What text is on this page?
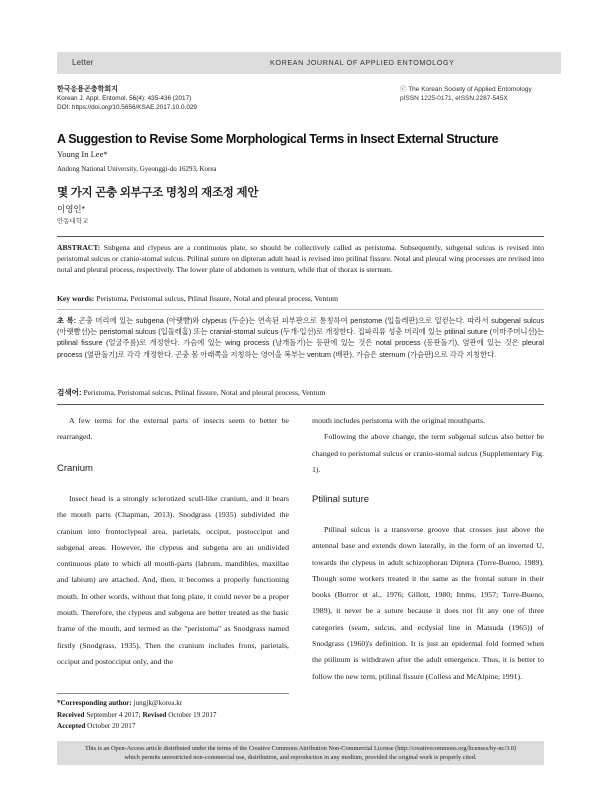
Letter	KOREAN JOURNAL OF APPLIED ENTOMOLOGY
한국응용곤충학회지
Korean J. Appl. Entomol. 56(4): 435-436 (2017)
DOI: https://doi.org/10.5656/KSAE.2017.10.0.029
ⓒ The Korean Society of Applied Entomology
pISSN 1225-0171, eISSN 2287-545X
A Suggestion to Revise Some Morphological Terms in Insect External Structure
Young In Lee*
Andong National University, Gyeonggi-do 16293, Korea
몇 가지 곤충 외부구조 명칭의 재조정 제안
이영인*
안동대학교
ABSTRACT: Subgena and clypeus are a continuous plate, so should be collectively called as peristoma. Subsequently, subgenal sulcus is revised into peristomal sulcus or cranio-stomal sulcus. Ptilinal suture on dipteran adult head is revised into ptilinal fissure. Notal and pleural wing processes are revised into notal and pleural process, respectively. The lower plate of abdomen is venturn, while that of thorax is sternum.
Key words: Peristoma, Peristomal sulcus, Ptlinal fissure, Notal and pleural process, Ventum
초 록: 곤충 머리에 있는 subgena (아랫뺨)와 clypeus (두순)는 연속된 피부판으로 통칭하여 peristome (입둘레판)으로 일컫는다. 따라서 subgenal sulcus (아랫뺨선)는 peristomal sulcus (입둘레홈) 또는 cranial-stomal sulcus (두개-입선)로 개정한다. 집파리류 성충 머리에 있는 ptilinal suture (이마주머니선)는 ptilinal fissure (얼굴주름)로 개정한다. 가슴에 있는 wing process (날개돌기)는 등판에 있는 것은 notal process (등판돌기), 옆판에 있는 것은 pleural process (옆판돌기)로 각각 개정한다. 곤충 몸 아래쪽을 지칭하는 영어을 복부는 ventum (배판), 가슴은 sternum (가슴판)으로 각각 지칭한다.
검색어: Peristoma, Peristomal sulcus, Ptlinal fissure, Notal and pleural process, Ventum
A few terms for the external parts of insects seem to better be rearranged.
Cranium
Insect head is a strongly sclerotized scull-like cranium, and it bears the mouth parts (Chapman, 2013). Snodgrass (1935) subdivided the cranium into frontoclypeal area, parietals, occiput, postocciput and subgenal areas. However, the clypeus and subgena are an undivided continuous plate to which all mouth-parts (labrum, mandibles, maxillae and labium) are attached. And, then, it becomes a properly functioning mouth. In other words, without that long plate, it could never be a proper mouth. Therefore, the clypeus and subgena are better treated as the basic frame of the mouth, and termed as the "peristoma" as Snodgrass named firstly (Snodgrass, 1935). Then the cranium includes frons, parietals, occiput and postocciput only, and the
mouth includes peristoma with the original mouthparts.
Following the above change, the term subgenal sulcus also better be changed to peristomal sulcus or cranio-stomal sulcus (Supplementary Fig. 1).
Ptilinal suture
Ptilinal sulcus is a transverse groove that crosses just above the antennal base and extends down laterally, in the form of an inverted U, towards the clypeus in adult schizophoran Diptera (Torre-Bueno, 1989). Though some workers treated it the same as the frontal suture in their books (Borror et al., 1976; Gillott, 1980; Imms, 1957; Torre-Bueno, 1989), it never be a suture because it does not fit any one of three categories (seam, sulcus, and ecdysial line in Matsuda (1965)) of Snodgrass (1960)'s definition. It is just an epidermal fold formed when the ptilinum is withdrawn after the adult emergence. Thus, it is better to follow the new term, ptilinal fissure (Colless and McAlpine, 1991).
*Corresponding author: jungjk@korea.kr
Received September 4 2017; Revised October 19 2017
Accepted October 20 2017
This is an Open-Access article distributed under the terms of the Creative Commons Attribution Non-Commercial License (http://creativecommons.org/licenses/by-nc/3.0)
which permits unrestricted non-commercial use, distribution, and reproduction in any medium, provided the original work is properly cited.
